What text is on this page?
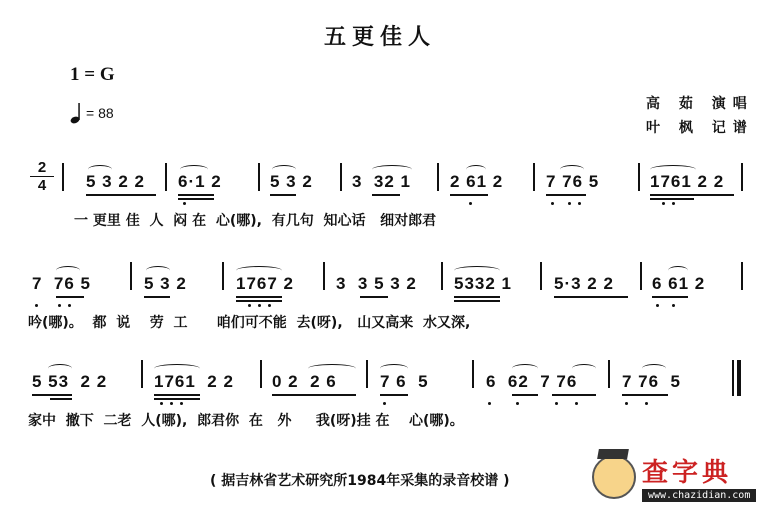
五更佳人
1 = G
= 88
高 茹 演唱
叶 枫 记谱
$\frac{2}{4} 5$ 3 2 2 6·1 2	5 3 2 3  32 1 2 61 2	7 76 5	1761 2 2
一 更里 佳  人  闷 在  心(哪),  有几句  知心话   细对郎君
7  76 5	5 3 2	1767 2 3  3 5 3 2 5332 1 5·3 2 2 6 61 2
吟(哪)。  都  说    劳  工      咱们可不能  去(呀),   山又高来  水又深,
5 53  2 2	1761  2 2 0 2  2 6	7 6  5	6  62  7 76	7 76  5
家中  撤下  二老  人(哪),  郎君你  在   外     我(呀)挂 在    心(哪)。
( 据吉林省艺术研究所1984年采集的录音校谱 )	查字典
www.chazidian.com
